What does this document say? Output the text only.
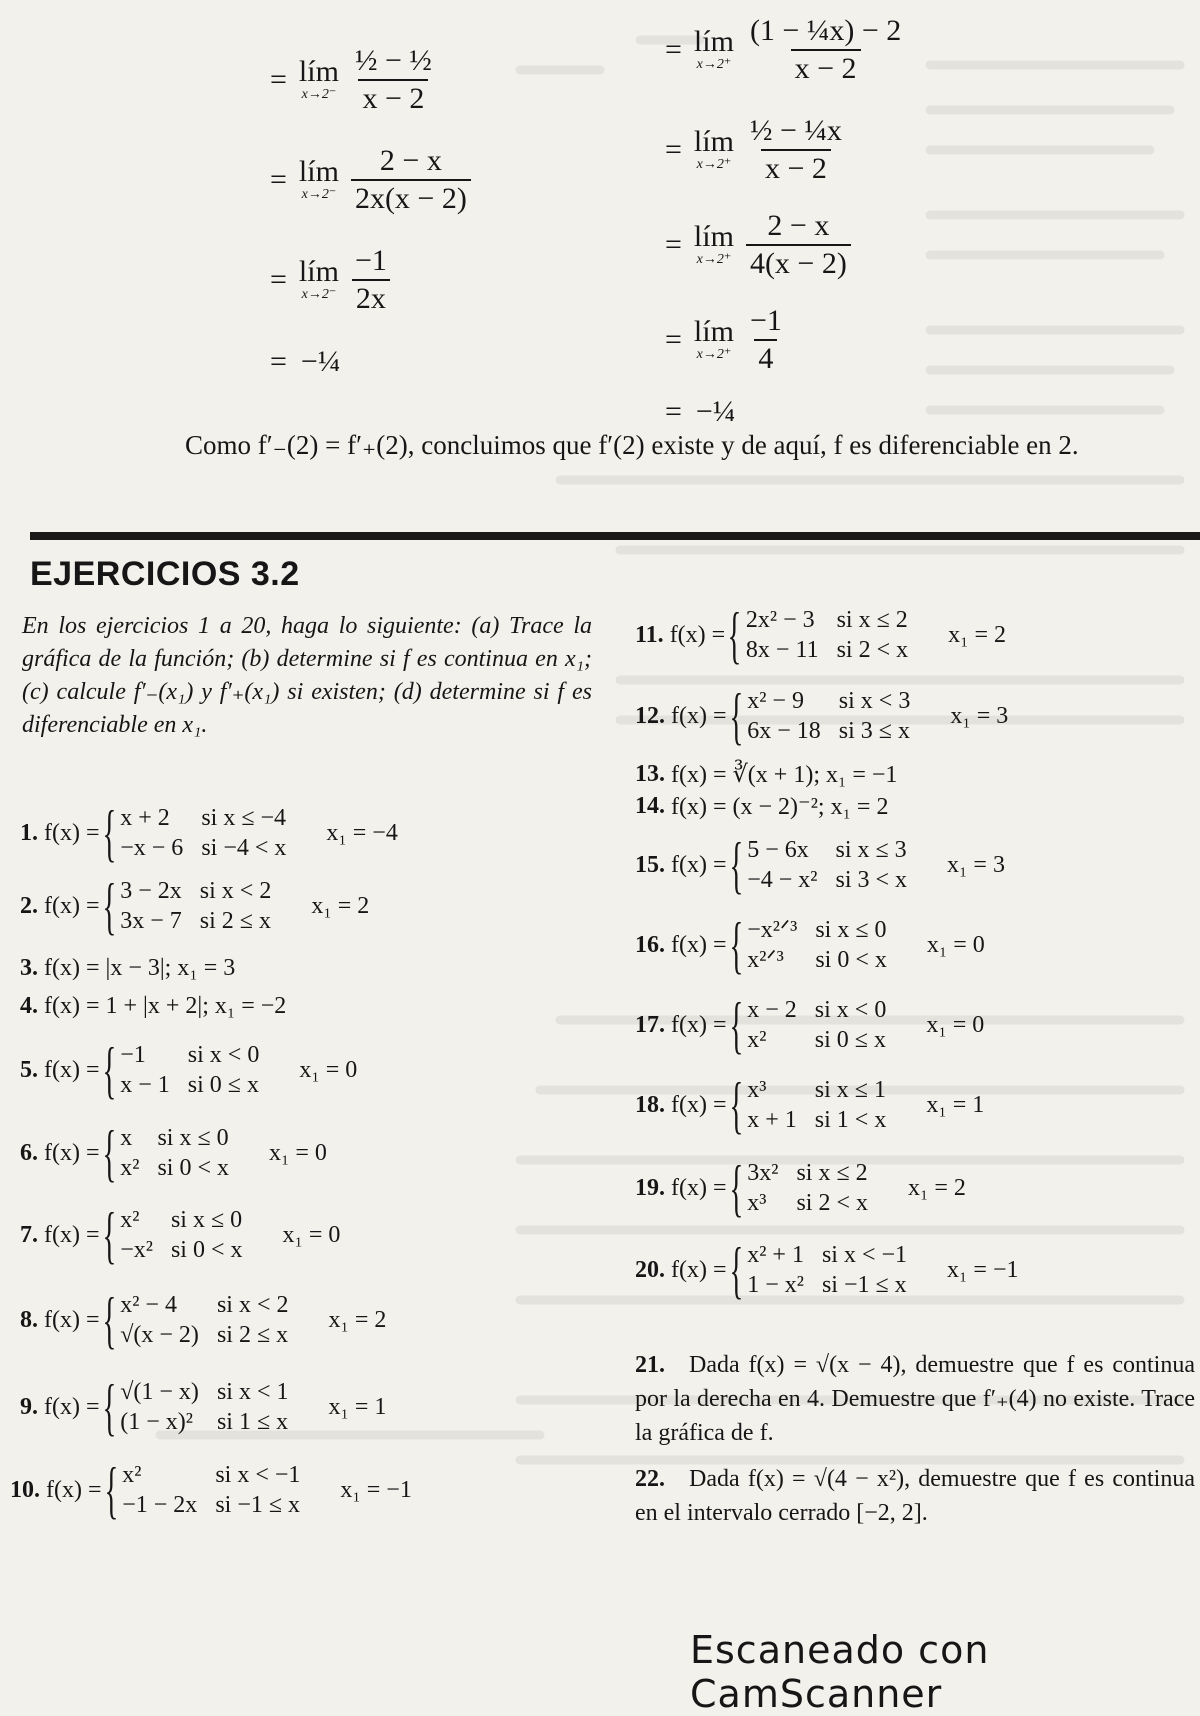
= lím
$x\to 2^- \frac{\text{½ − ½}}{x - 2}$
= lím
$x\to 2^- \frac{2 - x}{2x(x - 2)}$
= lím
$x\to 2^- \frac{-1}{2x}$
= −¼
= lím
$x\to 2^+ \frac{\text{(1 − ¼x) − 2}}{x - 2}$
= lím
$x\to 2^+ \frac{\text{½ − ¼x}}{x - 2}$
= lím
$x\to 2^+ \frac{2 - x}{4(x - 2)}$
= lím
$x\to 2^+ \frac{-1}{4}$
= −¼
Como f′₋(2) = f′₊(2), concluimos que f′(2) existe y de aquí, f es diferenciable en 2.
EJERCICIOS 3.2
En los ejercicios 1 a 20, haga lo siguiente: (a) Trace la gráfica de la función; (b) determine si f es continua en x₁; (c) calcule f′₋(x₁) y f′₊(x₁) si existen; (d) determine si f es diferenciable en x₁.
1. f(x) = { x + 2	si x ≤ −4
−x − 6 si −4 < x
x₁ = −4
2. f(x) = { 3 − 2x si x < 2
3x − 7 si 2 ≤ x
x₁ = 2
3. f(x) = |x − 3|; x₁ = 3
4. f(x) = 1 + |x + 2|; x₁ = −2
5. f(x) = { −1	si x < 0
x − 1 si 0 ≤ x
x₁ = 0
6. f(x) = { x	si x ≤ 0
x² si 0 < x
x₁ = 0
7. f(x) = { x²	si x ≤ 0
−x² si 0 < x
x₁ = 0
8. f(x) = { x² − 4	si x < 2
√(x − 2) si 2 ≤ x
x₁ = 2
9. f(x) = { √(1 − x) si x < 1
(1 − x)² si 1 ≤ x
x₁ = 1
10. f(x) = { x²	si x < −1
−1 − 2x si −1 ≤ x
x₁ = −1
11. f(x) = { 2x² − 3 si x ≤ 2
8x − 11 si 2 < x
x₁ = 2
12. f(x) = { x² − 9	si x < 3
6x − 18 si 3 ≤ x
x₁ = 3
13. f(x) = ∛(x + 1); x₁ = −1
14. f(x) = (x − 2)⁻²; x₁ = 2
15. f(x) = { 5 − 6x	si x ≤ 3
−4 − x² si 3 < x
x₁ = 3
16. f(x) = { −x²ᐟ³ si x ≤ 0
x²ᐟ³	si 0 < x
x₁ = 0
17. f(x) = { x − 2 si x < 0
x²	si 0 ≤ x
x₁ = 0
18. f(x) = { x³	si x ≤ 1
x + 1 si 1 < x
x₁ = 1
19. f(x) = { 3x² si x ≤ 2
x³	si 2 < x
x₁ = 2
20. f(x) = { x² + 1 si x < −1
1 − x² si −1 ≤ x
x₁ = −1
21. Dada f(x) = √(x − 4), demuestre que f es continua por la derecha en 4. Demuestre que f′₊(4) no existe. Trace la gráfica de f.
22. Dada f(x) = √(4 − x²), demuestre que f es continua en el intervalo cerrado [−2, 2].
Escaneado con CamScanner
